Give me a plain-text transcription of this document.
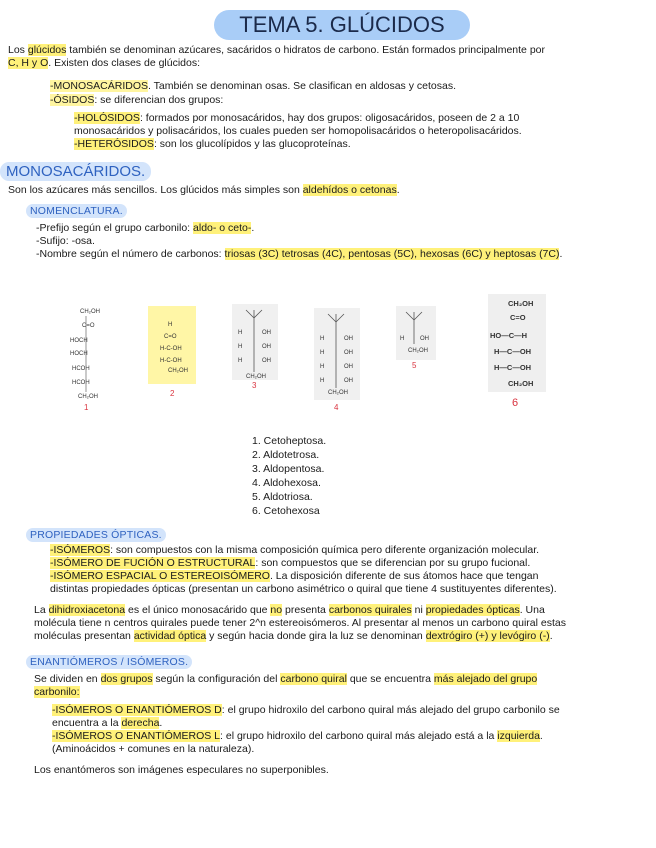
TEMA 5. GLÚCIDOS
Los glúcidos también se denominan azúcares, sacáridos o hidratos de carbono. Están formados principalmente por
C, H y O. Existen dos clases de glúcidos:
-MONOSACÁRIDOS. También se denominan osas. Se clasifican en aldosas y cetosas.
-ÓSIDOS: se diferencian dos grupos:
-HOLÓSIDOS: formados por monosacáridos, hay dos grupos: oligosacáridos, poseen de 2 a 10
monosacáridos y polisacáridos, los cuales pueden ser homopolisacáridos o heteropolisacáridos.
-HETERÓSIDOS: son los glucolípidos y las glucoproteínas.
MONOSACÁRIDOS.
Son los azúcares más sencillos. Los glúcidos más simples son aldehídos o cetonas.
NOMENCLATURA.
-Prefijo según el grupo carbonilo: aldo- o ceto-.
-Sufijo: -osa.
-Nombre según el número de carbonos: triosas (3C) tetrosas (4C), pentosas (5C), hexosas (6C) y heptosas (7C).
CH₂OH
C=O
HOCH
HOCH
HCOH
HCOH
CH₂OH
1
H
C=O
H-C-OH
H-C-OH
CH₂OH
2
H	OH
H	OH
H	OH
CH₂OH
3
H	OH
H	OH
H	OH
H	OH
CH₂OH
4
H	OH
CH₂OH
5
CH₂OH
C=O
HO—C—H
H—C—OH
H—C—OH
CH₂OH
6
1. Cetoheptosa.
2. Aldotetrosa.
3. Aldopentosa.
4. Aldohexosa.
5. Aldotriosa.
6. Cetohexosa
PROPIEDADES ÓPTICAS.
-ISÓMEROS: son compuestos con la misma composición química pero diferente organización molecular.
-ISÓMERO DE FUCIÓN O ESTRUCTURAL: son compuestos que se diferencian por su grupo fucional.
-ISÓMERO ESPACIAL O ESTEREOISÓMERO. La disposición diferente de sus átomos hace que tengan
distintas propiedades ópticas (presentan un carbono asimétrico o quiral que tiene 4 sustituyentes diferentes).
La dihidroxiacetona es el único monosacárido que no presenta carbonos quirales ni propiedades ópticas. Una
molécula tiene n centros quirales puede tener 2^n estereoisómeros. Al presentar al menos un carbono quiral estas
moléculas presentan actividad óptica y según hacia donde gira la luz se denominan dextrógiro (+) y levógiro (-).
ENANTIÓMEROS / ISÓMEROS.
Se dividen en dos grupos según la configuración del carbono quiral que se encuentra más alejado del grupo
carbonilo:
-ISÓMEROS O ENANTIÓMEROS D: el grupo hidroxilo del carbono quiral más alejado del grupo carbonilo se
encuentra a la derecha.
-ISÓMEROS O ENANTIÓMEROS L: el grupo hidroxilo del carbono quiral más alejado está a la izquierda.
(Aminoácidos + comunes en la naturaleza).
Los enantómeros son imágenes especulares no superponibles.
